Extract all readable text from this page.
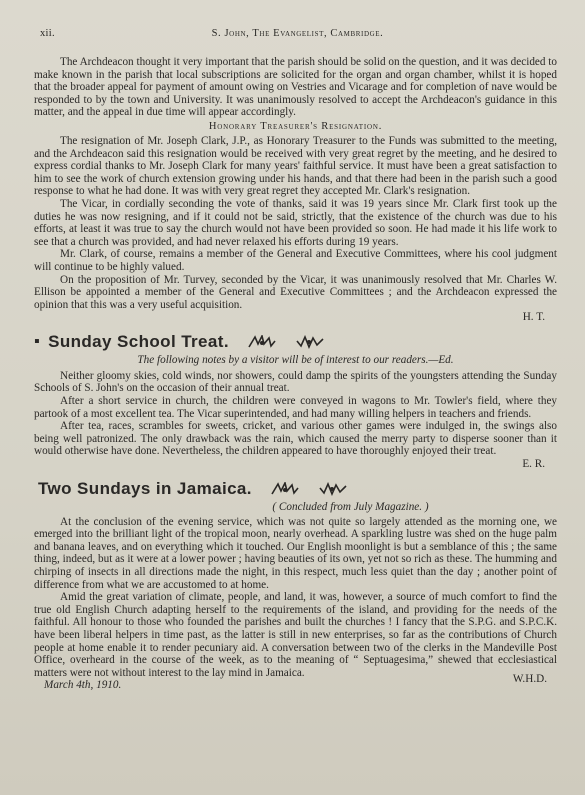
xii.	S. John, The Evangelist, Cambridge.

The Archdeacon thought it very important that the parish should be solid on the question, and it was decided to make known in the parish that local subscriptions are solicited for the organ and organ chamber, whilst it is hoped that the broader appeal for payment of amount owing on Vestries and Vicarage and for completion of nave would be responded to by the town and University. It was unanimously resolved to accept the Archdeacon's guidance in this matter, and the appeal in due time will appear accordingly.

Honorary Treasurer's Resignation.

The resignation of Mr. Joseph Clark, J.P., as Honorary Treasurer to the Funds was submitted to the meeting, and the Archdeacon said this resignation would be received with very great regret by the meeting, and he desired to express cordial thanks to Mr. Joseph Clark for many years' faithful service. It must have been a great satisfaction to him to see the work of church extension growing under his hands, and that there had been in the parish such a good response to what he had done. It was with very great regret they accepted Mr. Clark's resignation.

The Vicar, in cordially seconding the vote of thanks, said it was 19 years since Mr. Clark first took up the duties he was now resigning, and if it could not be said, strictly, that the existence of the church was due to his efforts, at least it was true to say the church would not have been provided so soon. He had made it his life work to see that a church was provided, and had never relaxed his efforts during 19 years.

Mr. Clark, of course, remains a member of the General and Executive Committees, where his cool judgment will continue to be highly valued.

On the proposition of Mr. Turvey, seconded by the Vicar, it was unanimously resolved that Mr. Charles W. Ellison be appointed a member of the General and Executive Committees ; and the Archdeacon expressed the opinion that this was a very useful acquisition.

H. T.
▪ Sunday School Treat.
The following notes by a visitor will be of interest to our readers.—Ed.

Neither gloomy skies, cold winds, nor showers, could damp the spirits of the youngsters attending the Sunday Schools of S. John's on the occasion of their annual treat.

After a short service in church, the children were conveyed in wagons to Mr. Towler's field, where they partook of a most excellent tea. The Vicar superintended, and had many willing helpers in teachers and friends.

After tea, races, scrambles for sweets, cricket, and various other games were indulged in, the swings also being well patronized. The only drawback was the rain, which caused the merry party to disperse sooner than it would otherwise have done. Nevertheless, the children appeared to have thoroughly enjoyed their treat.

E. R.
Two Sundays in Jamaica.
( Concluded from July Magazine. )

At the conclusion of the evening service, which was not quite so largely attended as the morning one, we emerged into the brilliant light of the tropical moon, nearly overhead. A sparkling lustre was shed on the huge palm and banana leaves, and on everything which it touched. Our English moonlight is but a semblance of this ; the same thing, indeed, but as it were at a lower power ; having beauties of its own, yet not so rich as these. The humming and chirping of insects in all directions made the night, in this respect, much less quiet than the day ; another point of difference from what we are accustomed to at home.

Amid the great variation of climate, people, and land, it was, however, a source of much comfort to find the true old English Church adapting herself to the requirements of the island, and providing for the needs of the faithful. All honour to those who founded the parishes and built the churches ! I fancy that the S.P.G. and S.P.C.K. have been liberal helpers in time past, as the latter is still in new enterprises, so far as the contributions of Church people at home enable it to render pecuniary aid. A conversation between two of the clerks in the Mandeville Post Office, overheard in the course of the week, as to the meaning of “ Septuagesima,” shewed that ecclesiastical matters were not without interest to the lay mind in Jamaica.

March 4th, 1910.	W.H.D.
